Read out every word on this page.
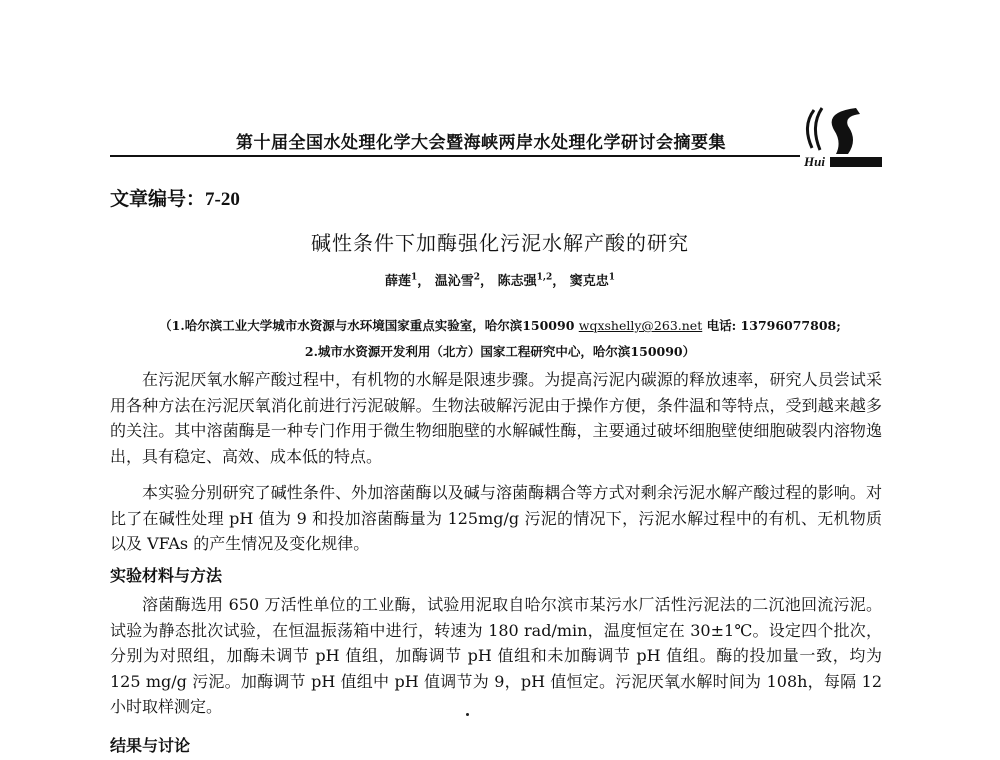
第十届全国水处理化学大会暨海峡两岸水处理化学研讨会摘要集
Hui
文章编号：7-20
碱性条件下加酶强化污泥水解产酸的研究
薛莲$^1$， 温沁雪$^2$， 陈志强$^{1,2}$， 窦克忠$^1$
（1.哈尔滨工业大学城市水资源与水环境国家重点实验室，哈尔滨150090 wqxshelly@263.net 电话: 13796077808;
2.城市水资源开发利用（北方）国家工程研究中心，哈尔滨150090）

在污泥厌氧水解产酸过程中，有机物的水解是限速步骤。为提高污泥内碳源的释放速率，研究人员尝试采用各种方法在污泥厌氧消化前进行污泥破解。生物法破解污泥由于操作方便，条件温和等特点，受到越来越多的关注。其中溶菌酶是一种专门作用于微生物细胞壁的水解碱性酶，主要通过破坏细胞壁使细胞破裂内溶物逸出，具有稳定、高效、成本低的特点。

本实验分别研究了碱性条件、外加溶菌酶以及碱与溶菌酶耦合等方式对剩余污泥水解产酸过程的影响。对比了在碱性处理 pH 值为 9 和投加溶菌酶量为 125mg/g 污泥的情况下，污泥水解过程中的有机、无机物质以及 VFAs 的产生情况及变化规律。

实验材料与方法

溶菌酶选用 650 万活性单位的工业酶，试验用泥取自哈尔滨市某污水厂活性污泥法的二沉池回流污泥。试验为静态批次试验，在恒温振荡箱中进行，转速为 180 rad/min，温度恒定在 30±1℃。设定四个批次，分别为对照组，加酶未调节 pH 值组，加酶调节 pH 值组和未加酶调节 pH 值组。酶的投加量一致，均为 125 mg/g 污泥。加酶调节 pH 值组中 pH 值调节为 9，pH 值恒定。污泥厌氧水解时间为 108h，每隔 12 小时取样测定。

结果与讨论
